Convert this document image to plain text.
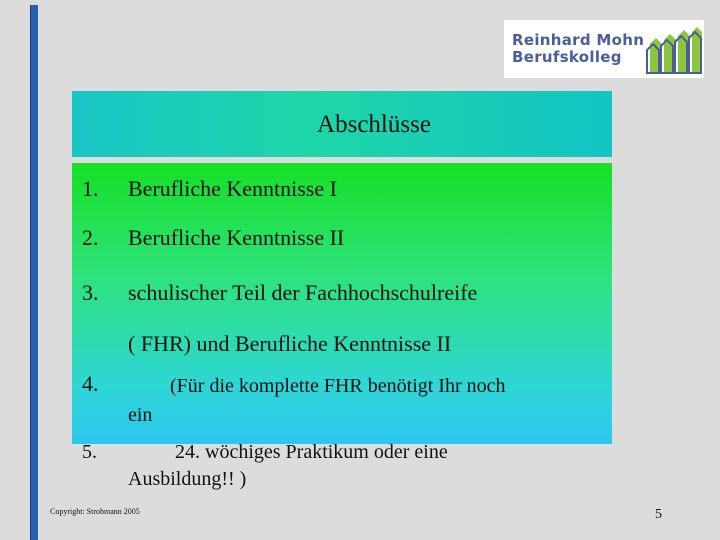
Reinhard Mohn
Berufskolleg
Abschlüsse
1. Berufliche Kenntnisse I
2. Berufliche Kenntnisse II
3. schulischer Teil der Fachhochschulreife
( FHR) und Berufliche Kenntnisse II
4.	(Für die komplette FHR benötigt Ihr noch
ein
5.	24. wöchiges Praktikum oder eine
Ausbildung!! )
Copyright: Strohmann 2005	5
